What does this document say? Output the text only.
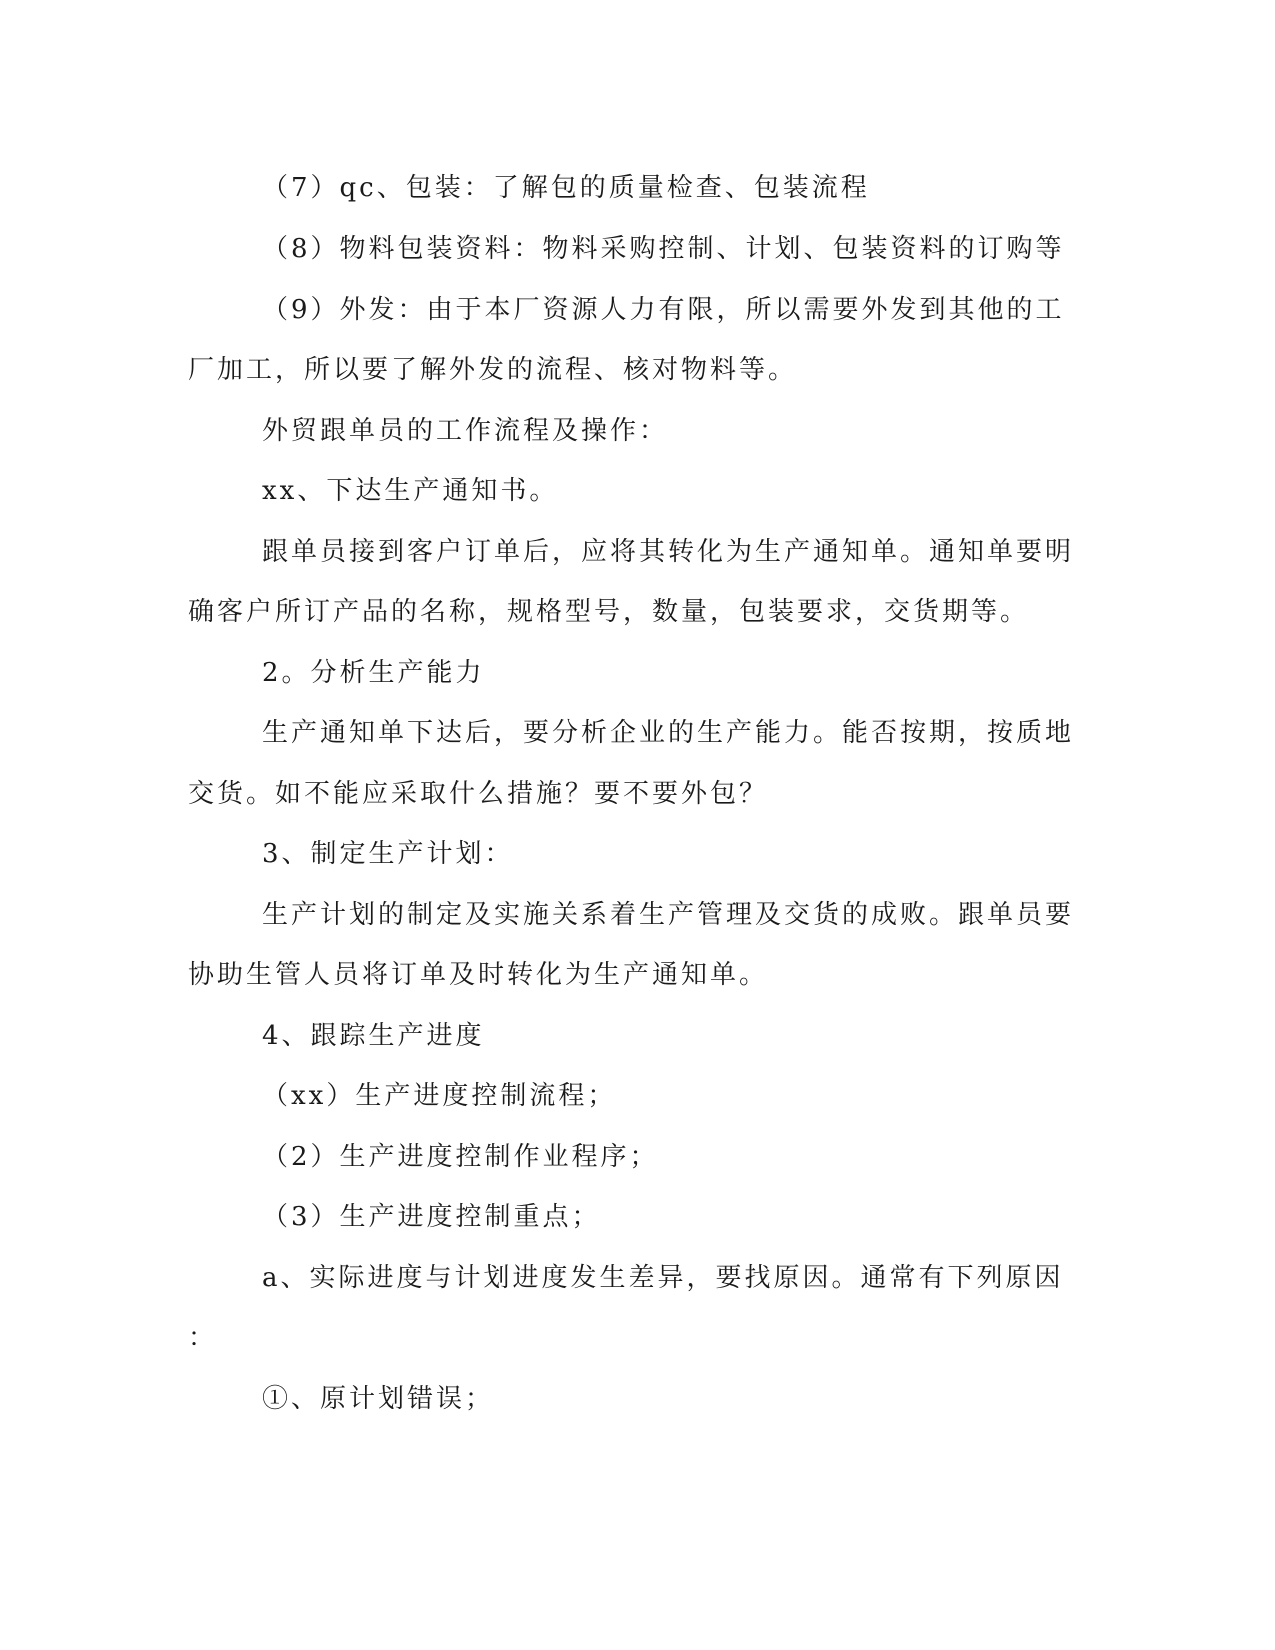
（7）qc、包装：了解包的质量检查、包装流程
（8）物料包装资料：物料采购控制、计划、包装资料的订购等
（9）外发：由于本厂资源人力有限，所以需要外发到其他的工
厂加工，所以要了解外发的流程、核对物料等。
外贸跟单员的工作流程及操作：
xx、下达生产通知书。
跟单员接到客户订单后，应将其转化为生产通知单。通知单要明
确客户所订产品的名称，规格型号，数量，包装要求，交货期等。
2。分析生产能力
生产通知单下达后，要分析企业的生产能力。能否按期，按质地
交货。如不能应采取什么措施？要不要外包？
3、制定生产计划：
生产计划的制定及实施关系着生产管理及交货的成败。跟单员要
协助生管人员将订单及时转化为生产通知单。
4、跟踪生产进度
（xx）生产进度控制流程；
（2）生产进度控制作业程序；
（3）生产进度控制重点；
a、实际进度与计划进度发生差异，要找原因。通常有下列原因
：
①、原计划错误；
